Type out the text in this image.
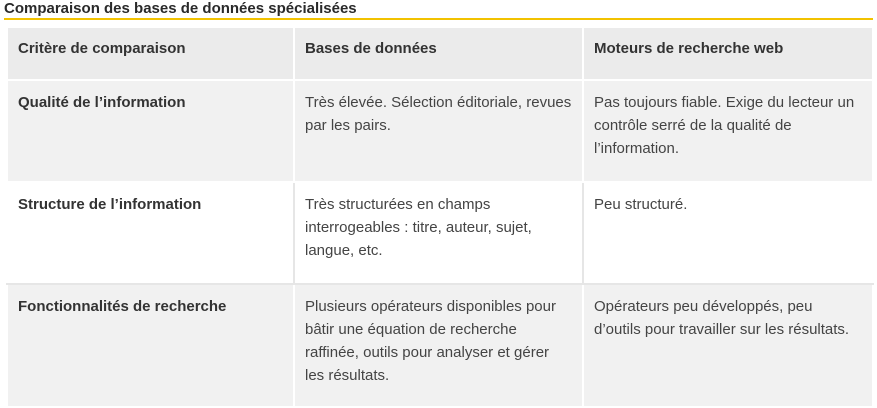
Comparaison des bases de données spécialisées
Critère de comparaison	Bases de données	Moteurs de recherche web
Qualité de l’information	Très élevée. Sélection éditoriale, revues par les pairs.	Pas toujours fiable. Exige du lecteur un contrôle serré de la qualité de l’information.
Structure de l’information	Très structurées en champs interrogeables : titre, auteur, sujet, langue, etc.	Peu structuré.
Fonctionnalités de recherche	Plusieurs opérateurs disponibles pour bâtir une équation de recherche raffinée, outils pour analyser et gérer les résultats.	Opérateurs peu développés, peu d’outils pour travailler sur les résultats.
